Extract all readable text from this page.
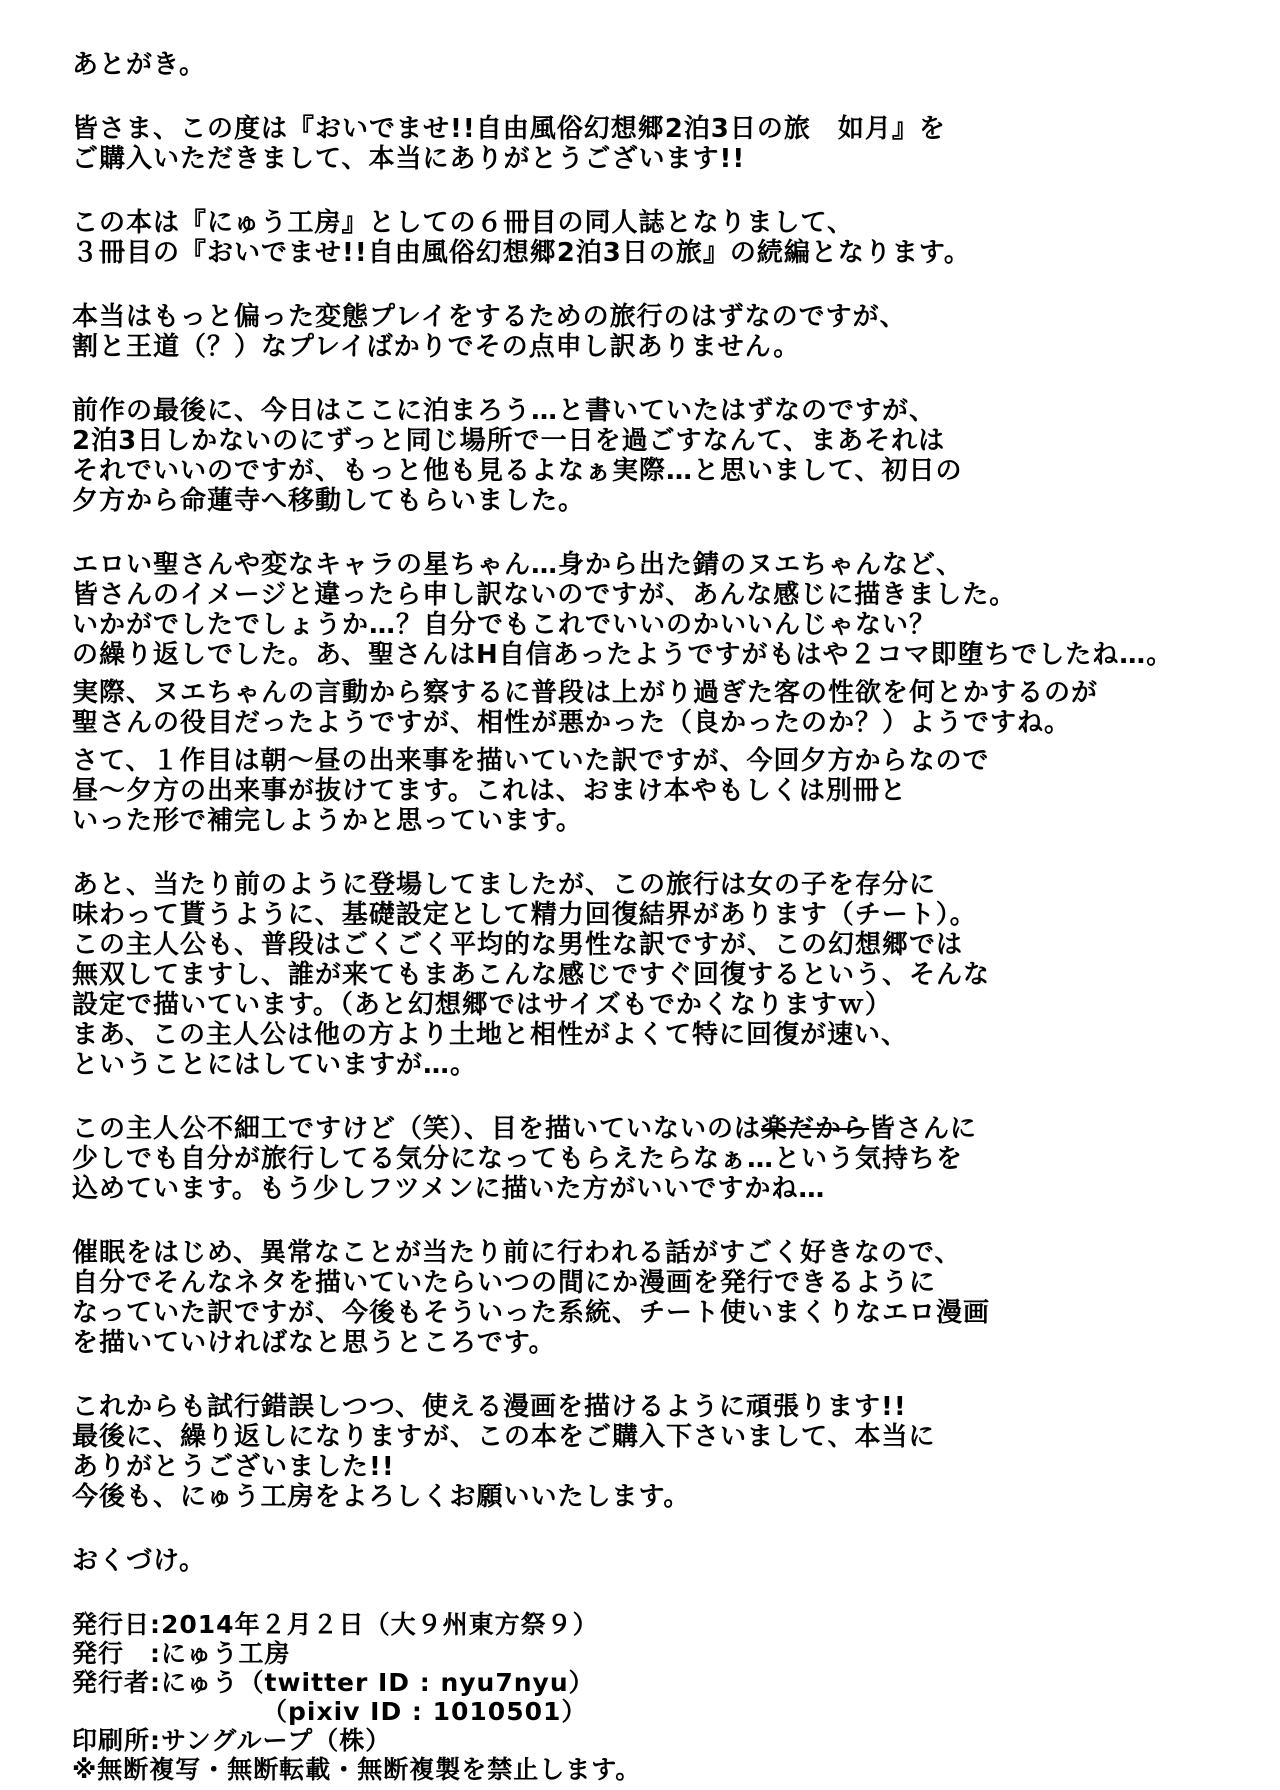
あとがき。
皆さま、この度は『おいでませ!!自由風俗幻想郷2泊3日の旅　如月』を
ご購入いただきまして、本当にありがとうございます!!
この本は『にゅう工房』としての６冊目の同人誌となりまして、
３冊目の『おいでませ!!自由風俗幻想郷2泊3日の旅』の続編となります。
本当はもっと偏った変態プレイをするための旅行のはずなのですが、
割と王道（？）なプレイばかりでその点申し訳ありません。
前作の最後に、今日はここに泊まろう…と書いていたはずなのですが、
2泊3日しかないのにずっと同じ場所で一日を過ごすなんて、まあそれは
それでいいのですが、もっと他も見るよなぁ実際…と思いまして、初日の
夕方から命蓮寺へ移動してもらいました。
エロい聖さんや変なキャラの星ちゃん…身から出た錆のヌエちゃんなど、
皆さんのイメージと違ったら申し訳ないのですが、あんな感じに描きました。
いかがでしたでしょうか…？自分でもこれでいいのかいいんじゃない？
の繰り返しでした。あ、聖さんはH自信あったようですがもはや２コマ即堕ちでしたね…。
実際、ヌエちゃんの言動から察するに普段は上がり過ぎた客の性欲を何とかするのが
聖さんの役目だったようですが、相性が悪かった（良かったのか？）ようですね。
さて、１作目は朝〜昼の出来事を描いていた訳ですが、今回夕方からなので
昼〜夕方の出来事が抜けてます。これは、おまけ本やもしくは別冊と
いった形で補完しようかと思っています。
あと、当たり前のように登場してましたが、この旅行は女の子を存分に
味わって貰うように、基礎設定として精力回復結界があります（チート）。
この主人公も、普段はごくごく平均的な男性な訳ですが、この幻想郷では
無双してますし、誰が来てもまあこんな感じですぐ回復するという、そんな
設定で描いています。（あと幻想郷ではサイズもでかくなりますｗ）
まあ、この主人公は他の方より土地と相性がよくて特に回復が速い、
ということにはしていますが…。
この主人公不細工ですけど（笑）、目を描いていないのは楽だから皆さんに
少しでも自分が旅行してる気分になってもらえたらなぁ…という気持ちを
込めています。もう少しフツメンに描いた方がいいですかね…
催眠をはじめ、異常なことが当たり前に行われる話がすごく好きなので、
自分でそんなネタを描いていたらいつの間にか漫画を発行できるように
なっていた訳ですが、今後もそういった系統、チート使いまくりなエロ漫画
を描いていければなと思うところです。
これからも試行錯誤しつつ、使える漫画を描けるように頑張ります!!
最後に、繰り返しになりますが、この本をご購入下さいまして、本当に
ありがとうございました!!
今後も、にゅう工房をよろしくお願いいたします。
おくづけ。
発行日:2014年２月２日（大９州東方祭９）
発行　:にゅう工房
発行者:にゅう（twitter ID : nyu7nyu）
（pixiv ID : 1010501）
印刷所:サングループ（株）
※無断複写・無断転載・無断複製を禁止します。
